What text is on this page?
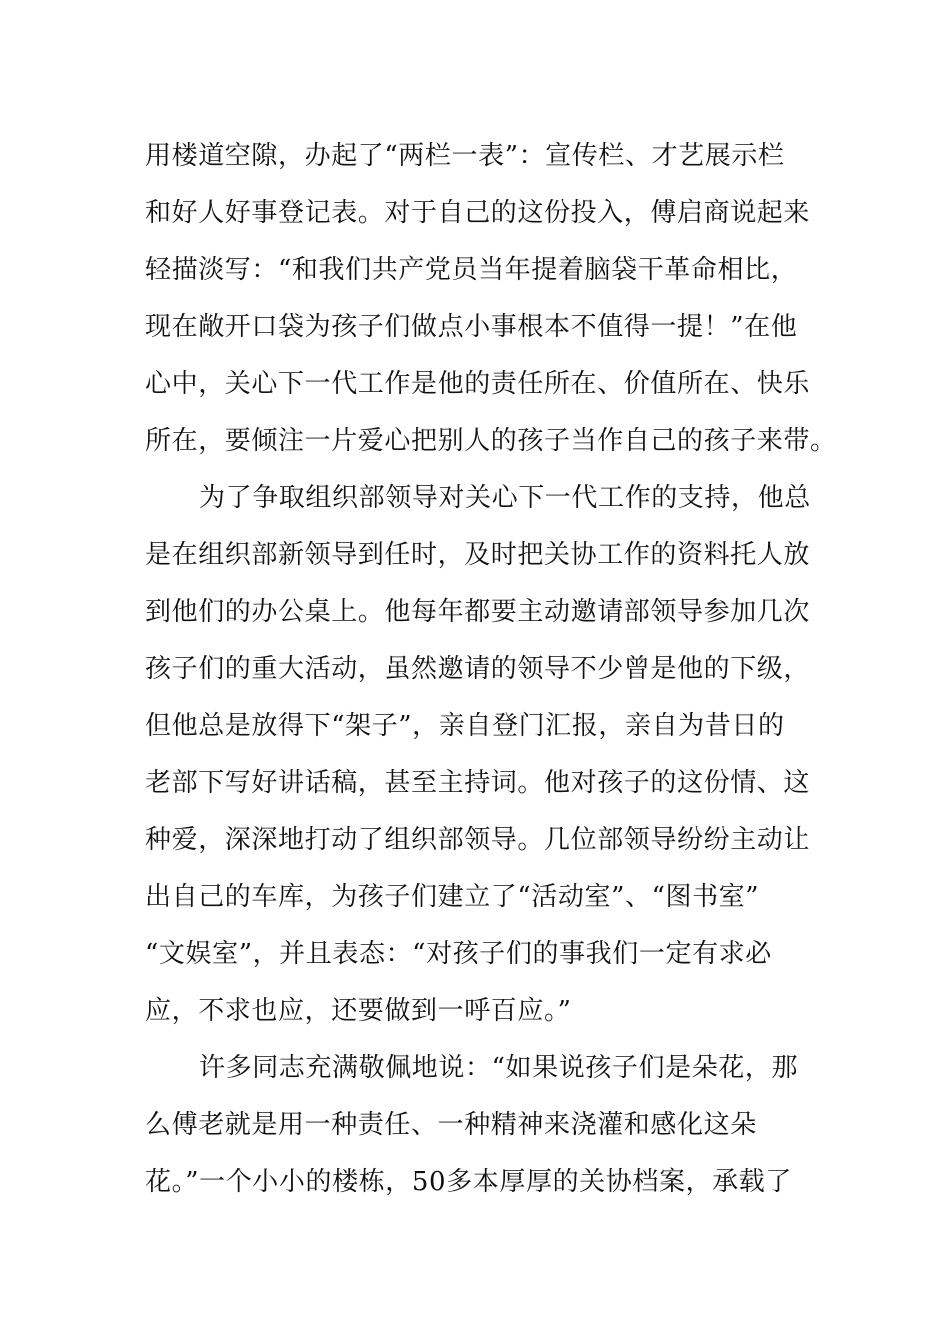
用楼道空隙，办起了“两栏一表”：宣传栏、才艺展示栏
和好人好事登记表。对于自己的这份投入，傅启商说起来
轻描淡写：“和我们共产党员当年提着脑袋干革命相比，
现在敞开口袋为孩子们做点小事根本不值得一提！”在他
心中，关心下一代工作是他的责任所在、价值所在、快乐
所在，要倾注一片爱心把别人的孩子当作自己的孩子来带。
为了争取组织部领导对关心下一代工作的支持，他总
是在组织部新领导到任时，及时把关协工作的资料托人放
到他们的办公桌上。他每年都要主动邀请部领导参加几次
孩子们的重大活动，虽然邀请的领导不少曾是他的下级，
但他总是放得下“架子”，亲自登门汇报，亲自为昔日的
老部下写好讲话稿，甚至主持词。他对孩子的这份情、这
种爱，深深地打动了组织部领导。几位部领导纷纷主动让
出自己的车库，为孩子们建立了“活动室”、“图书室”
“文娱室”，并且表态：“对孩子们的事我们一定有求必
应，不求也应，还要做到一呼百应。”
许多同志充满敬佩地说：“如果说孩子们是朵花，那
么傅老就是用一种责任、一种精神来浇灌和感化这朵
花。”一个小小的楼栋，50多本厚厚的关协档案，承载了
